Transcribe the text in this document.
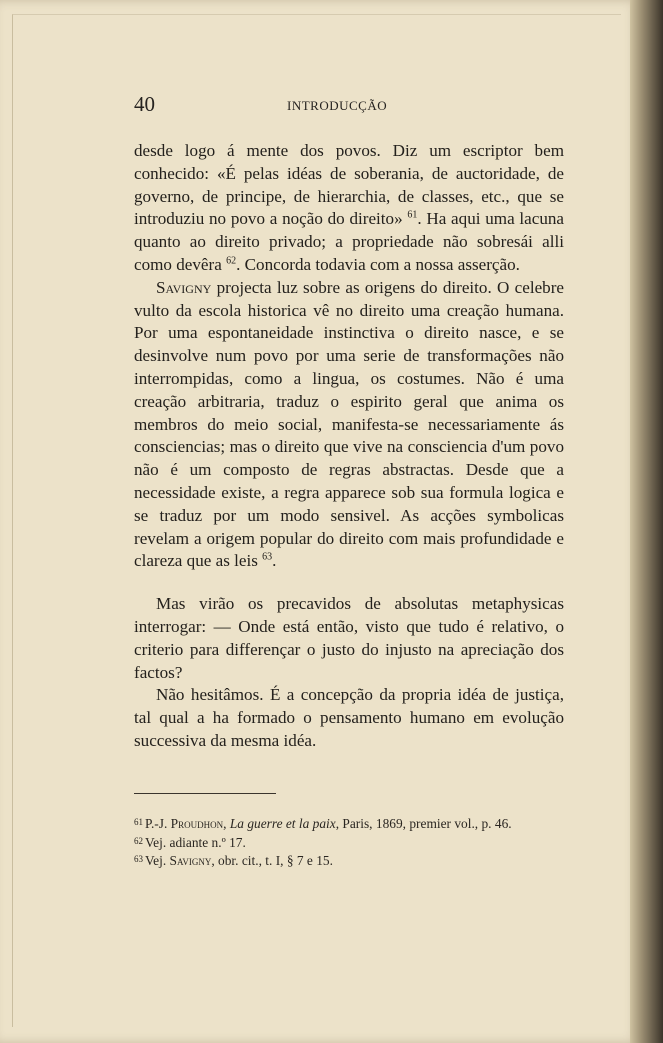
40	INTRODUCÇÃO

desde logo á mente dos povos. Diz um escriptor bem conhecido: «É pelas idéas de soberania, de auctoridade, de governo, de principe, de hierarchia, de classes, etc., que se introduziu no povo a noção do direito» $^{61}$. Ha aqui uma lacuna quanto ao direito privado; a propriedade não sobresái alli como devêra $^{62}$. Concorda todavia com a nossa asserção.

Savigny projecta luz sobre as origens do direito. O celebre vulto da escola historica vê no direito uma creação humana. Por uma espontaneidade instinctiva o direito nasce, e se desinvolve num povo por uma serie de transformações não interrompidas, como a lingua, os costumes. Não é uma creação arbitraria, traduz o espirito geral que anima os membros do meio social, manifesta-se necessariamente ás consciencias; mas o direito que vive na consciencia d'um povo não é um composto de regras abstractas. Desde que a necessidade existe, a regra apparece sob sua formula logica e se traduz por um modo sensivel. As acções symbolicas revelam a origem popular do direito com mais profundidade e clareza que as leis $^{63}$.

Mas virão os precavidos de absolutas metaphysicas interrogar: — Onde está então, visto que tudo é relativo, o criterio para differençar o justo do injusto na apreciação dos factos?

Não hesitâmos. É a concepção da propria idéa de justiça, tal qual a ha formado o pensamento humano em evolução successiva da mesma idéa.

$^{61}$ P.-J. Proudhon, La guerre et la paix, Paris, 1869, premier vol., p. 46.

$^{62}$ Vej. adiante n.º 17.

$^{63}$ Vej. Savigny, obr. cit., t. I, § 7 e 15.
